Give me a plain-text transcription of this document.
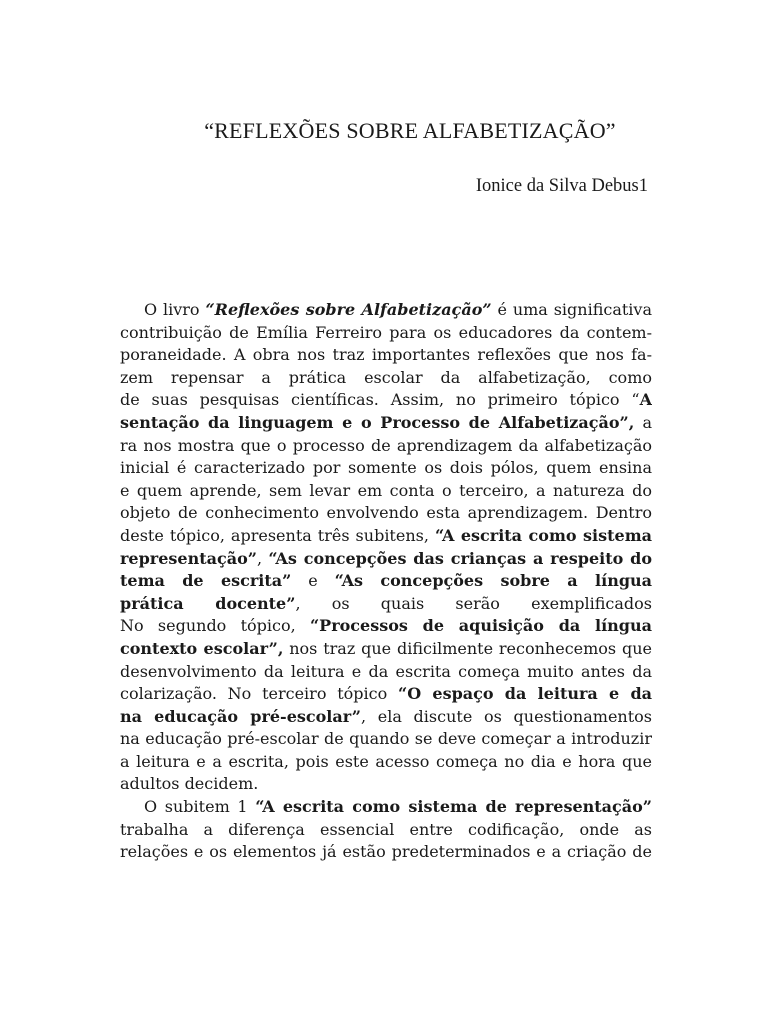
“REFLEXÕES SOBRE ALFABETIZAÇÃO”

Ionice da Silva Debus1

O livro “Reflexões sobre Alfabetização” é uma significativa
contribuição de Emília Ferreiro para os educadores da contem-
poraneidade. A obra nos traz importantes reflexões que nos fa-
zem repensar a prática escolar da alfabetização, como
de suas pesquisas científicas. Assim, no primeiro tópico “A
sentação da linguagem e o Processo de Alfabetização”, a
ra nos mostra que o processo de aprendizagem da alfabetização
inicial é caracterizado por somente os dois pólos, quem ensina
e quem aprende, sem levar em conta o terceiro, a natureza do
objeto de conhecimento envolvendo esta aprendizagem. Dentro
deste tópico, apresenta três subitens, “A escrita como sistema
representação”, “As concepções das crianças a respeito do
tema de escrita” e “As concepções sobre a língua
prática docente”, os quais serão exemplificados
No segundo tópico, “Processos de aquisição da língua
contexto escolar”, nos traz que dificilmente reconhecemos que
desenvolvimento da leitura e da escrita começa muito antes da
colarização. No terceiro tópico “O espaço da leitura e da
na educação pré-escolar”, ela discute os questionamentos
na educação pré-escolar de quando se deve começar a introduzir
a leitura e a escrita, pois este acesso começa no dia e hora que
adultos decidem.
O subitem 1 “A escrita como sistema de representação”
trabalha a diferença essencial entre codificação, onde as
relações e os elementos já estão predeterminados e a criação de
